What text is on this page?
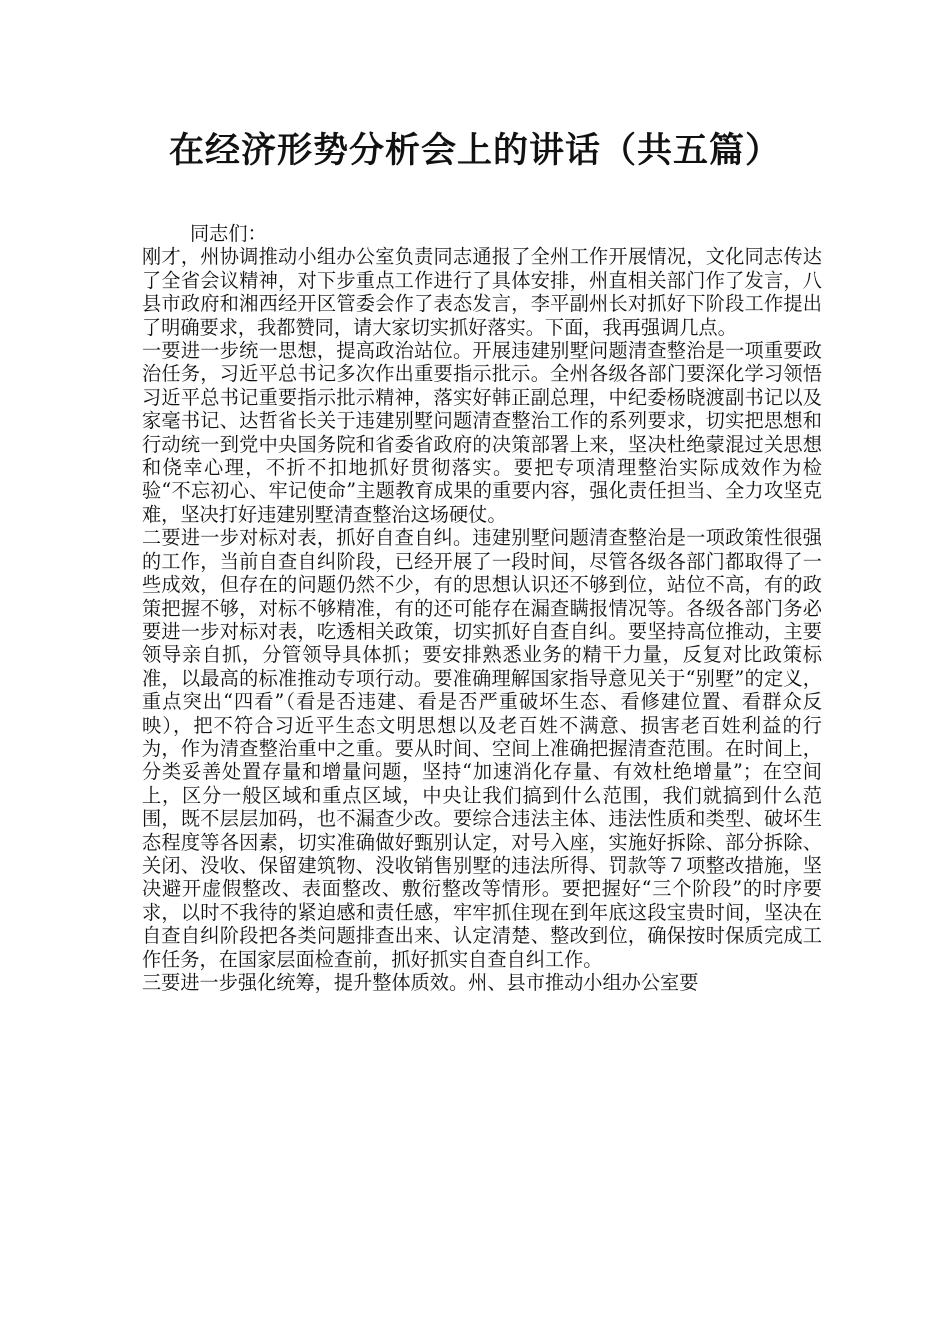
在经济形势分析会上的讲话（共五篇）

同志们：

刚才，州协调推动小组办公室负责同志通报了全州工作开展情况，文化同志传达了全省会议精神，对下步重点工作进行了具体安排，州直相关部门作了发言，八县市政府和湘西经开区管委会作了表态发言，李平副州长对抓好下阶段工作提出了明确要求，我都赞同，请大家切实抓好落实。下面，我再强调几点。

一要进一步统一思想，提高政治站位。开展违建别墅问题清查整治是一项重要政治任务，习近平总书记多次作出重要指示批示。全州各级各部门要深化学习领悟习近平总书记重要指示批示精神，落实好韩正副总理，中纪委杨晓渡副书记以及家毫书记、达哲省长关于违建别墅问题清查整治工作的系列要求，切实把思想和行动统一到党中央国务院和省委省政府的决策部署上来，坚决杜绝蒙混过关思想和侥幸心理，不折不扣地抓好贯彻落实。要把专项清理整治实际成效作为检验“不忘初心、牢记使命”主题教育成果的重要内容，强化责任担当、全力攻坚克难，坚决打好违建别墅清查整治这场硬仗。

二要进一步对标对表，抓好自查自纠。违建别墅问题清查整治是一项政策性很强的工作，当前自查自纠阶段，已经开展了一段时间，尽管各级各部门都取得了一些成效，但存在的问题仍然不少，有的思想认识还不够到位，站位不高，有的政策把握不够，对标不够精准，有的还可能存在漏查瞒报情况等。各级各部门务必要进一步对标对表，吃透相关政策，切实抓好自查自纠。要坚持高位推动，主要领导亲自抓，分管领导具体抓；要安排熟悉业务的精干力量，反复对比政策标准，以最高的标准推动专项行动。要准确理解国家指导意见关于“别墅”的定义，重点突出“四看”（看是否违建、看是否严重破坏生态、看修建位置、看群众反映），把不符合习近平生态文明思想以及老百姓不满意、损害老百姓利益的行为，作为清查整治重中之重。要从时间、空间上准确把握清查范围。在时间上，分类妥善处置存量和增量问题，坚持“加速消化存量、有效杜绝增量”；在空间上，区分一般区域和重点区域，中央让我们搞到什么范围，我们就搞到什么范围，既不层层加码，也不漏查少改。要综合违法主体、违法性质和类型、破坏生态程度等各因素，切实准确做好甄别认定，对号入座，实施好拆除、部分拆除、关闭、没收、保留建筑物、没收销售别墅的违法所得、罚款等７项整改措施，坚决避开虚假整改、表面整改、敷衍整改等情形。要把握好“三个阶段”的时序要求，以时不我待的紧迫感和责任感，牢牢抓住现在到年底这段宝贵时间，坚决在自查自纠阶段把各类问题排查出来、认定清楚、整改到位，确保按时保质完成工作任务，在国家层面检查前，抓好抓实自查自纠工作。

三要进一步强化统筹，提升整体质效。州、县市推动小组办公室要
